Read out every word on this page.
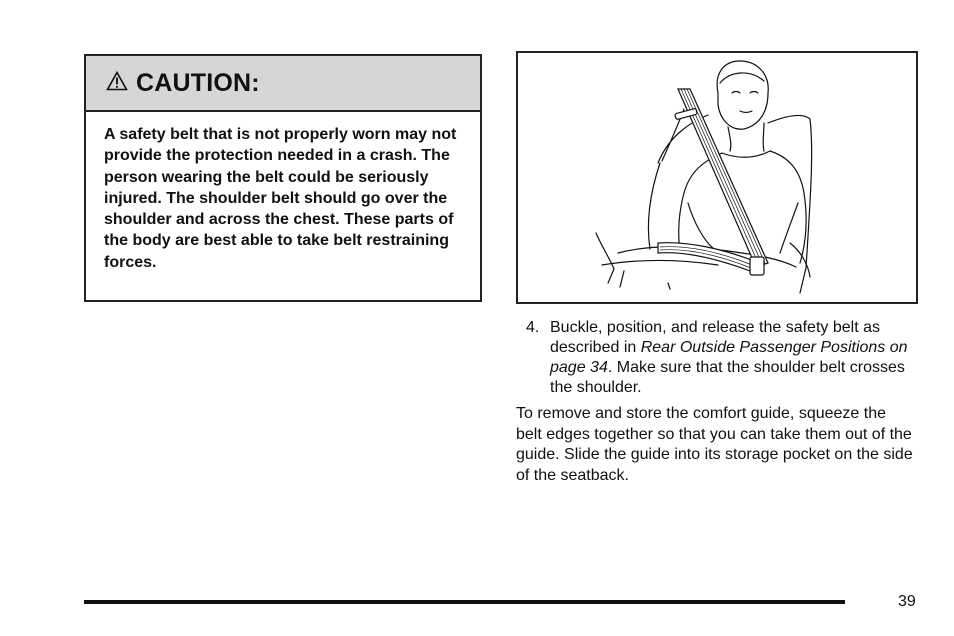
CAUTION:
A safety belt that is not properly worn may not provide the protection needed in a crash. The person wearing the belt could be seriously injured. The shoulder belt should go over the shoulder and across the chest. These parts of the body are best able to take belt restraining forces.
4. Buckle, position, and release the safety belt as described in Rear Outside Passenger Positions on page 34. Make sure that the shoulder belt crosses the shoulder.
To remove and store the comfort guide, squeeze the belt edges together so that you can take them out of the guide. Slide the guide into its storage pocket on the side of the seatback.
39
